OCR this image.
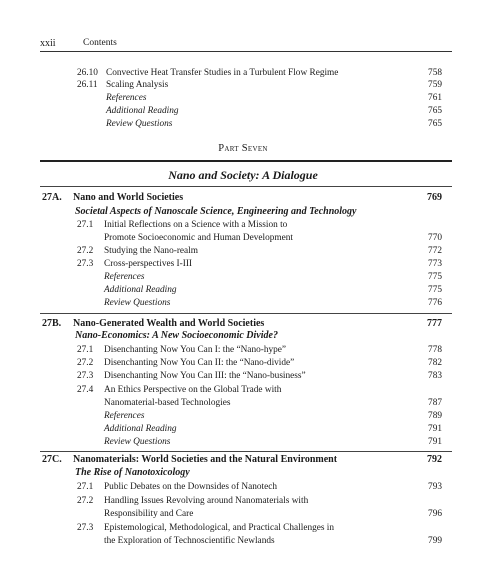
xxii	Contents
26.10 Convective Heat Transfer Studies in a Turbulent Flow Regime	758
26.11 Scaling Analysis	759
References	761
Additional Reading	765
Review Questions	765
Part Seven
Nano and Society: A Dialogue
27A. Nano and World Societies	769
Societal Aspects of Nanoscale Science, Engineering and Technology
27.1	Initial Reflections on a Science with a Mission to
Promote Socioeconomic and Human Development	770
27.2	Studying the Nano-realm	772
27.3	Cross-perspectives I-III	773
References	775
Additional Reading	775
Review Questions	776
27B. Nano-Generated Wealth and World Societies	777
Nano-Economics: A New Socioeconomic Divide?
27.1	Disenchanting Now You Can I: the “Nano-hype”	778
27.2	Disenchanting Now You Can II: the “Nano-divide”	782
27.3	Disenchanting Now You Can III: the “Nano-business”	783
27.4	An Ethics Perspective on the Global Trade with
Nanomaterial-based Technologies	787
References	789
Additional Reading	791
Review Questions	791
27C. Nanomaterials: World Societies and the Natural Environment	792
The Rise of Nanotoxicology
27.1	Public Debates on the Downsides of Nanotech	793
27.2	Handling Issues Revolving around Nanomaterials with
Responsibility and Care	796
27.3	Epistemological, Methodological, and Practical Challenges in
the Exploration of Technoscientific Newlands	799
